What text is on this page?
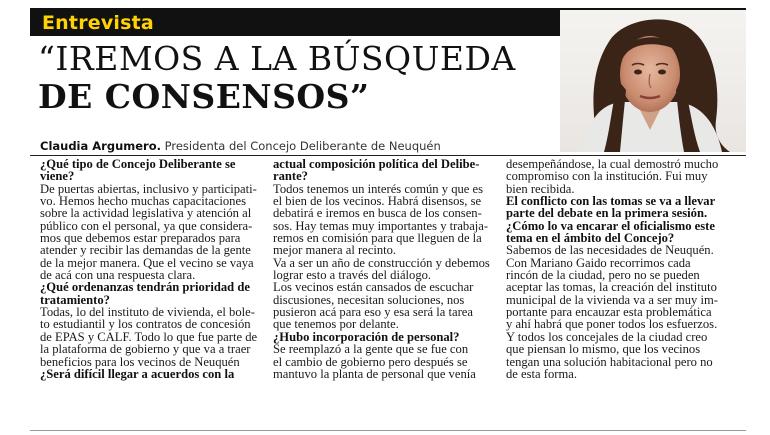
Entrevista
“IREMOS A LA BÚSQUEDA
DE CONSENSOS”
Claudia Argumero. Presidenta del Concejo Deliberante de Neuquén
¿Qué tipo de Concejo Deliberante se
viene?
De puertas abiertas, inclusivo y participati-
vo. Hemos hecho muchas capacitaciones
sobre la actividad legislativa y atención al
público con el personal, ya que considera-
mos que debemos estar preparados para
atender y recibir las demandas de la gente
de la mejor manera. Que el vecino se vaya
de acá con una respuesta clara.
¿Qué ordenanzas tendrán prioridad de
tratamiento?
Todas, lo del instituto de vivienda, el bole-
to estudiantil y los contratos de concesión
de EPAS y CALF. Todo lo que fue parte de
la plataforma de gobierno y que va a traer
beneficios para los vecinos de Neuquén
¿Será difícil llegar a acuerdos con la
actual composición política del Delibe-
rante?
Todos tenemos un interés común y que es
el bien de los vecinos. Habrá disensos, se
debatirá e iremos en busca de los consen-
sos. Hay temas muy importantes y trabaja-
remos en comisión para que lleguen de la
mejor manera al recinto.
Va a ser un año de construcción y debemos
lograr esto a través del diálogo.
Los vecinos están cansados de escuchar
discusiones, necesitan soluciones, nos
pusieron acá para eso y esa será la tarea
que tenemos por delante.
¿Hubo incorporación de personal?
Se reemplazó a la gente que se fue con
el cambio de gobierno pero después se
mantuvo la planta de personal que venía
desempeñándose, la cual demostró mucho
compromiso con la institución. Fui muy
bien recibida.
El conflicto con las tomas se va a llevar
parte del debate en la primera sesión.
¿Cómo lo va encarar el oficialismo este
tema en el ámbito del Concejo?
Sabemos de las necesidades de Neuquén.
Con Mariano Gaido recorrimos cada
rincón de la ciudad, pero no se pueden
aceptar las tomas, la creación del instituto
municipal de la vivienda va a ser muy im-
portante para encauzar esta problemática
y ahí habrá que poner todos los esfuerzos.
Y todos los concejales de la ciudad creo
que piensan lo mismo, que los vecinos
tengan una solución habitacional pero no
de esta forma.
